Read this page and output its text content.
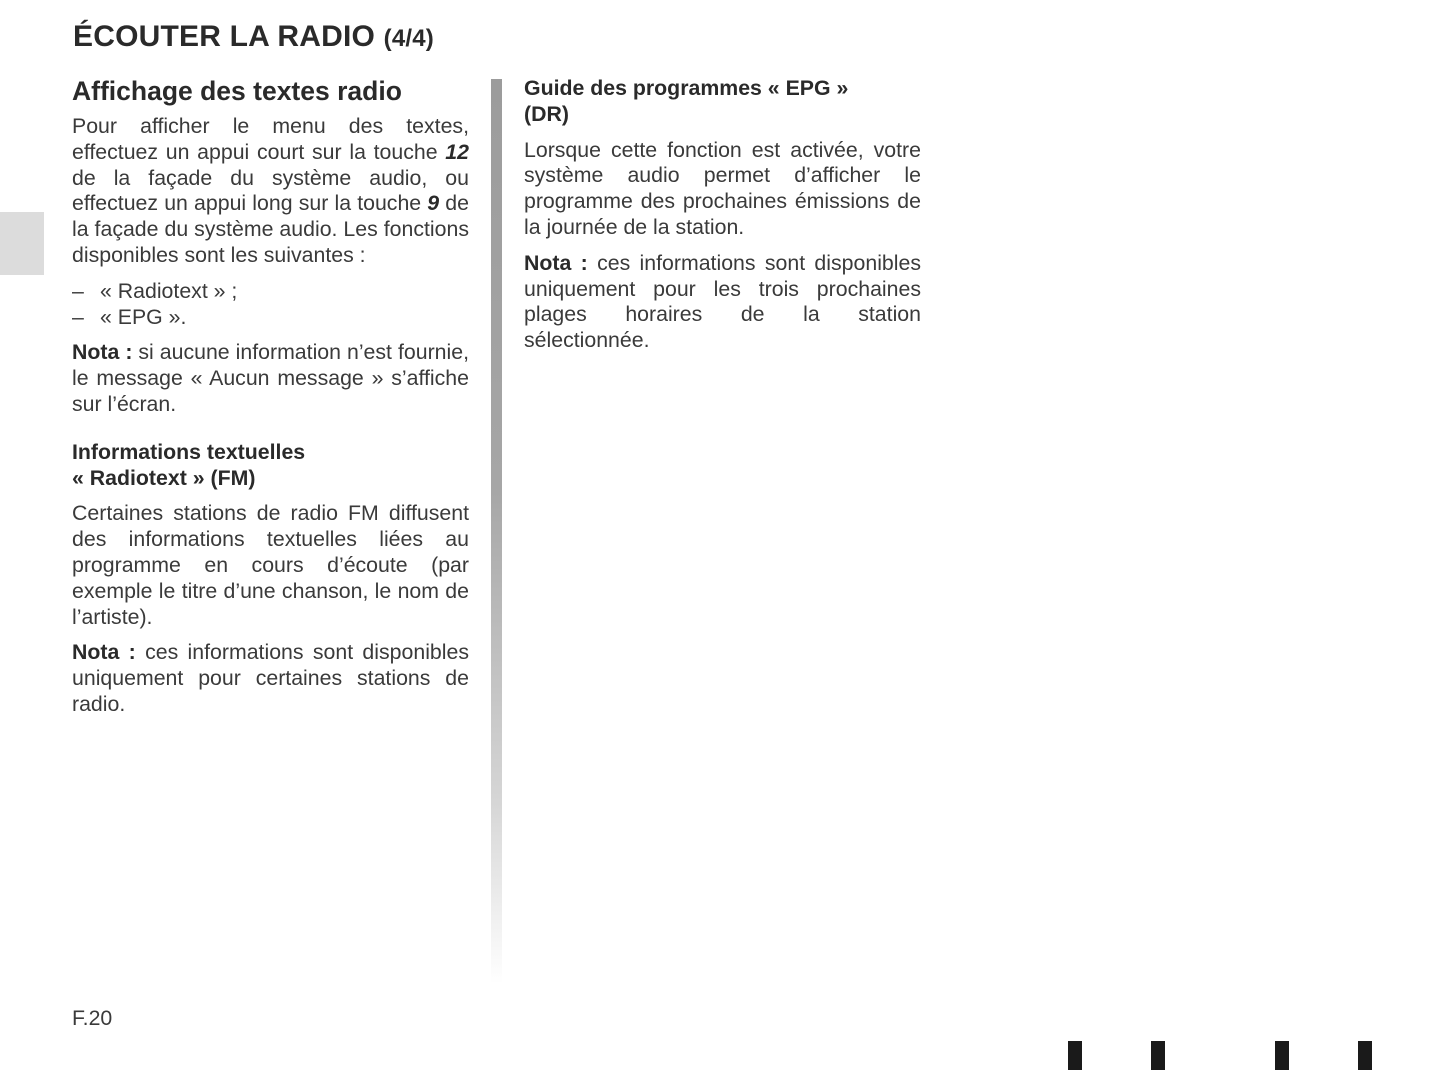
ÉCOUTER LA RADIO (4/4)
Affichage des textes radio

Pour afficher le menu des textes, effectuez un appui court sur la touche 12 de la façade du système audio, ou effectuez un appui long sur la touche 9 de la façade du système audio. Les fonctions disponibles sont les suivantes :

– « Radiotext » ;
– « EPG ».

Nota : si aucune information n’est fournie, le message « Aucun message » s’affiche sur l’écran.

Informations textuelles
« Radiotext » (FM)

Certaines stations de radio FM diffusent des informations textuelles liées au programme en cours d’écoute (par exemple le titre d’une chanson, le nom de l’artiste).

Nota : ces informations sont disponibles uniquement pour certaines stations de radio.

Guide des programmes « EPG »
(DR)

Lorsque cette fonction est activée, votre système audio permet d’afficher le programme des prochaines émissions de la journée de la station.

Nota : ces informations sont disponibles uniquement pour les trois prochaines plages horaires de la station sélectionnée.

F.20
